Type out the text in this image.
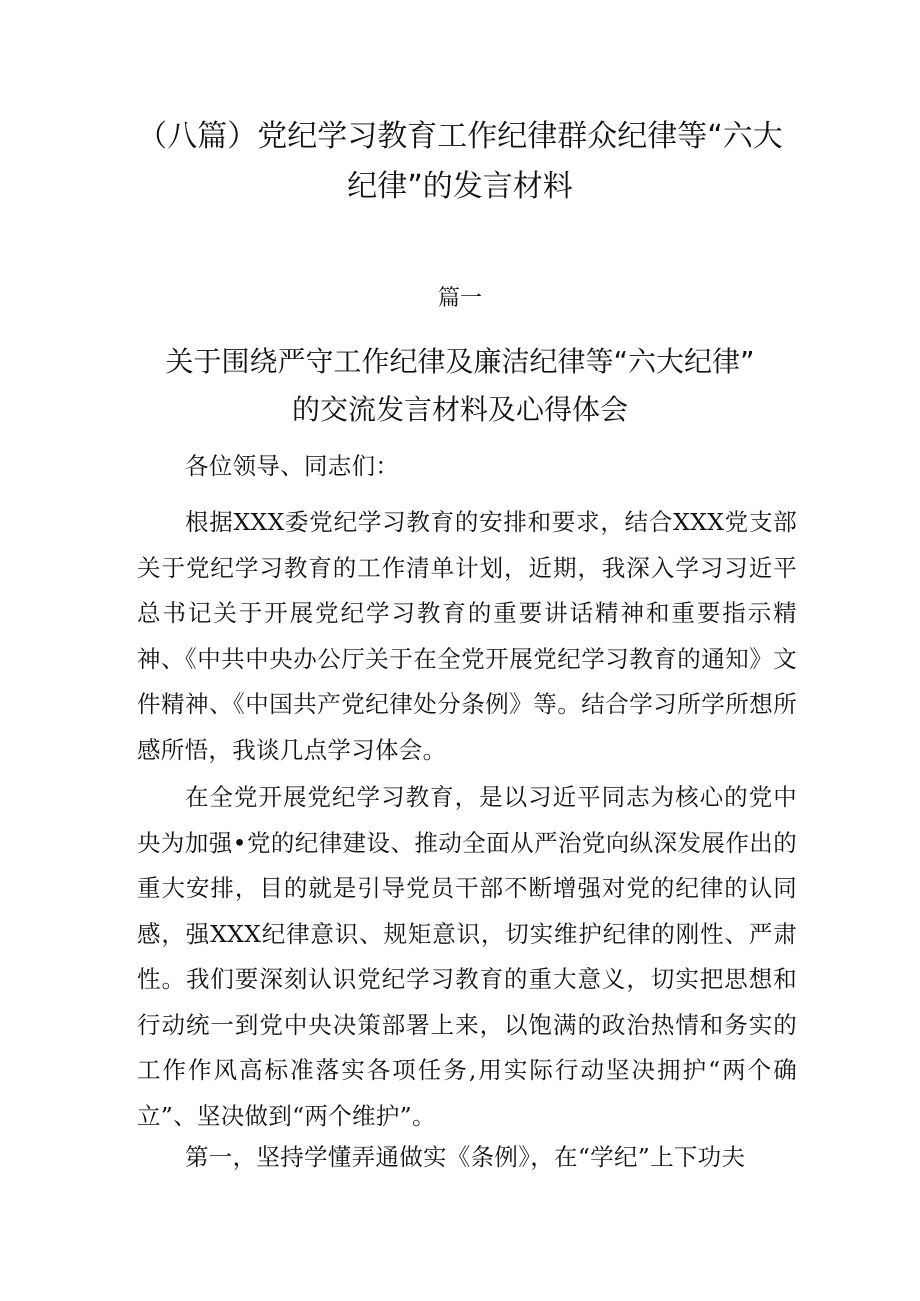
（八篇）党纪学习教育工作纪律群众纪律等“六大
纪律”的发言材料

篇一

关于围绕严守工作纪律及廉洁纪律等“六大纪律”
的交流发言材料及心得体会

各位领导、同志们：

根据XXX委党纪学习教育的安排和要求，结合XXX党支部关于党纪学习教育的工作清单计划，近期，我深入学习习近平总书记关于开展党纪学习教育的重要讲话精神和重要指示精神、《中共中央办公厅关于在全党开展党纪学习教育的通知》文件精神、《中国共产党纪律处分条例》等。结合学习所学所想所感所悟，我谈几点学习体会。

在全党开展党纪学习教育，是以习近平同志为核心的党中央为加强•党的纪律建设、推动全面从严治党向纵深发展作出的重大安排，目的就是引导党员干部不断增强对党的纪律的认同感，强XXX纪律意识、规矩意识，切实维护纪律的刚性、严肃性。我们要深刻认识党纪学习教育的重大意义，切实把思想和行动统一到党中央决策部署上来，以饱满的政治热情和务实的工作作风高标准落实各项任务,用实际行动坚决拥护“两个确立”、坚决做到“两个维护”。

第一，坚持学懂弄通做实《条例》，在“学纪”上下功夫
